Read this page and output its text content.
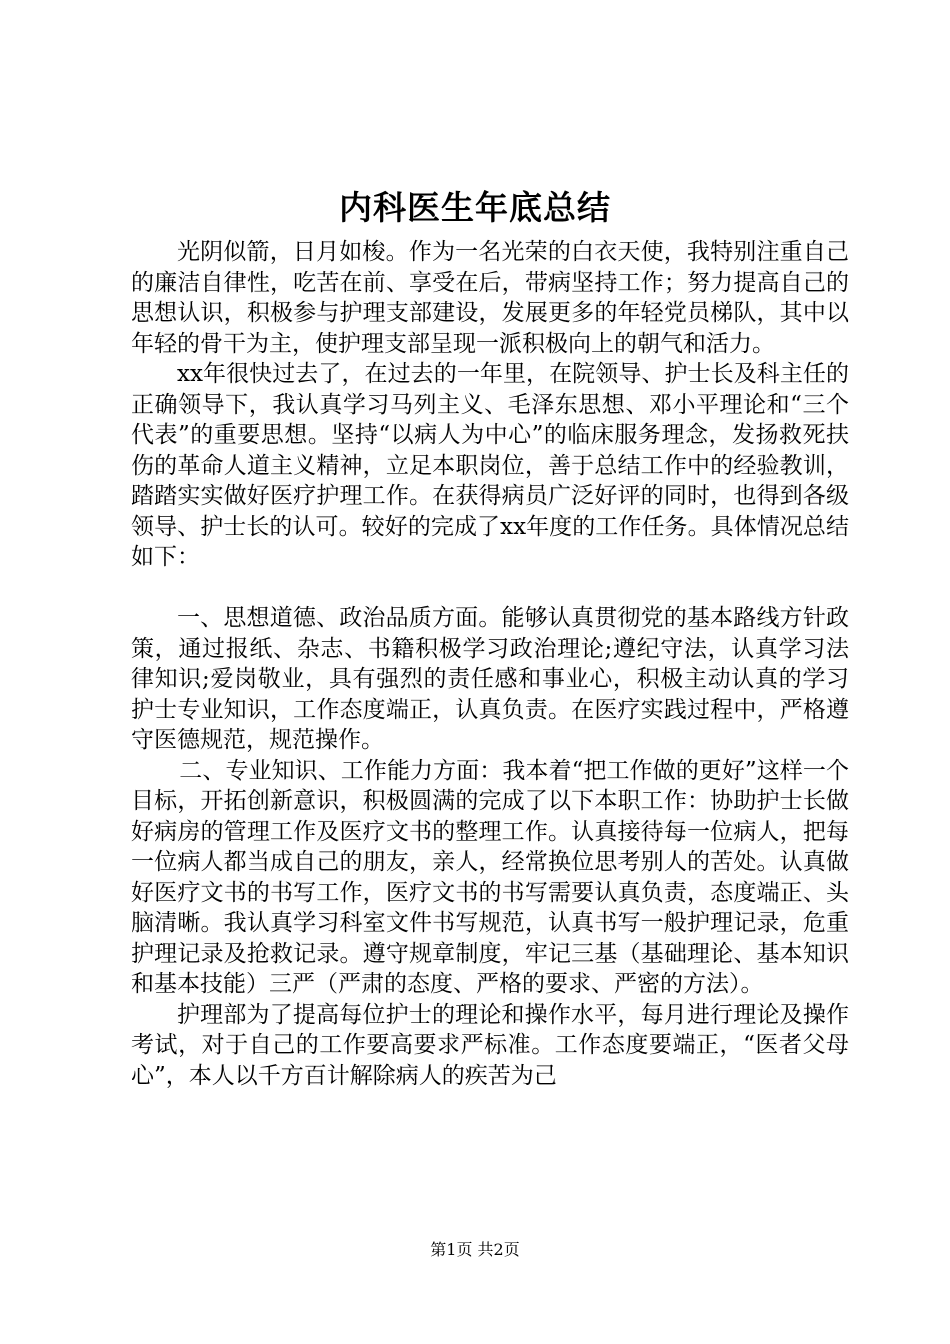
内科医生年底总结

光阴似箭，日月如梭。作为一名光荣的白衣天使，我特别注重自己的廉洁自律性，吃苦在前、享受在后，带病坚持工作；努力提高自己的思想认识，积极参与护理支部建设，发展更多的年轻党员梯队，其中以年轻的骨干为主，使护理支部呈现一派积极向上的朝气和活力。

xx年很快过去了，在过去的一年里，在院领导、护士长及科主任的正确领导下，我认真学习马列主义、毛泽东思想、邓小平理论和“三个代表”的重要思想。坚持“以病人为中心”的临床服务理念，发扬救死扶伤的革命人道主义精神，立足本职岗位，善于总结工作中的经验教训，踏踏实实做好医疗护理工作。在获得病员广泛好评的同时，也得到各级领导、护士长的认可。较好的完成了xx年度的工作任务。具体情况总结如下：

一、思想道德、政治品质方面。能够认真贯彻党的基本路线方针政策，通过报纸、杂志、书籍积极学习政治理论;遵纪守法，认真学习法律知识;爱岗敬业，具有强烈的责任感和事业心，积极主动认真的学习护士专业知识，工作态度端正，认真负责。在医疗实践过程中，严格遵守医德规范，规范操作。

二、专业知识、工作能力方面：我本着“把工作做的更好”这样一个目标，开拓创新意识，积极圆满的完成了以下本职工作：协助护士长做好病房的管理工作及医疗文书的整理工作。认真接待每一位病人，把每一位病人都当成自己的朋友，亲人，经常换位思考别人的苦处。认真做好医疗文书的书写工作，医疗文书的书写需要认真负责，态度端正、头脑清晰。我认真学习科室文件书写规范，认真书写一般护理记录，危重护理记录及抢救记录。遵守规章制度，牢记三基（基础理论、基本知识和基本技能）三严（严肃的态度、严格的要求、严密的方法）。

护理部为了提高每位护士的理论和操作水平，每月进行理论及操作考试，对于自己的工作要高要求严标准。工作态度要端正，“医者父母心”，本人以千方百计解除病人的疾苦为己

第1页 共2页
